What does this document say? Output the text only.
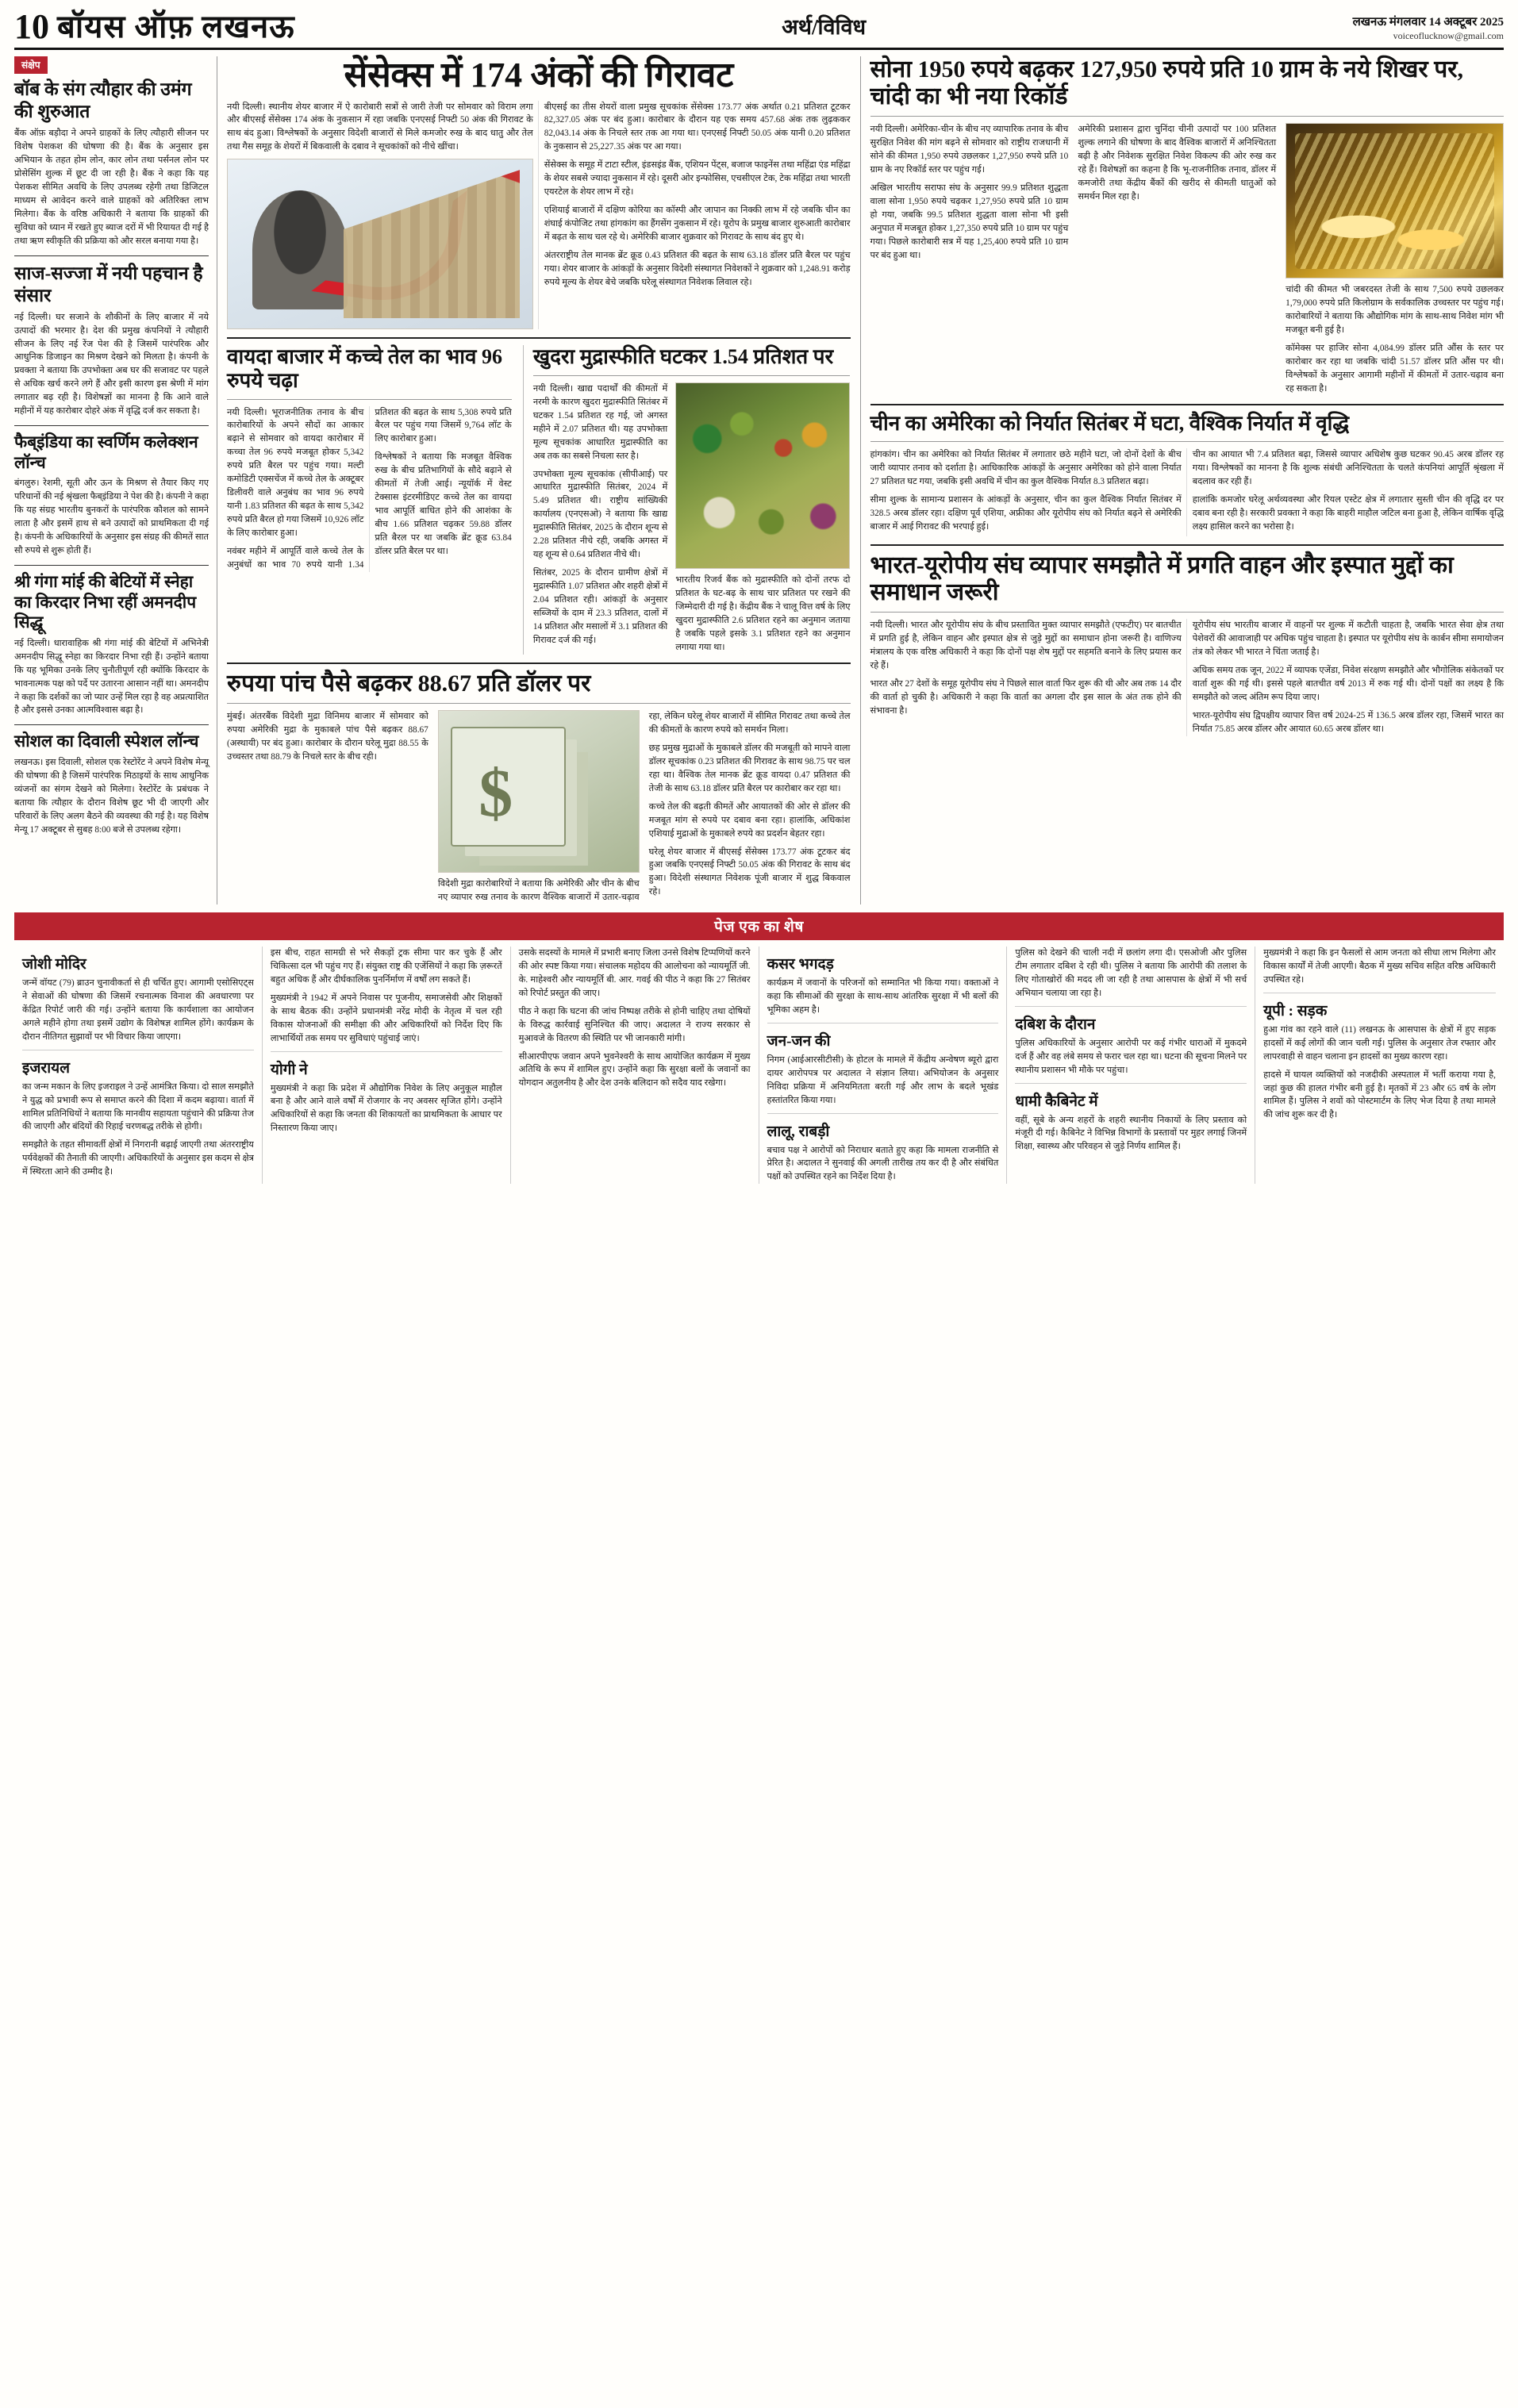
10 बॉयस ऑफ़ लखनऊ	अर्थ/विविध	लखनऊ मंगलवार 14 अक्टूबर 2025
voiceoflucknow@gmail.com
संक्षेप
बॉब के संग त्यौहार की उमंग की शुरुआत
बैंक ऑफ़ बड़ौदा ने अपने ग्राहकों के लिए त्यौहारी सीजन पर विशेष पेशकश की घोषणा की है। बैंक के अनुसार इस अभियान के तहत होम लोन, कार लोन तथा पर्सनल लोन पर प्रोसेसिंग शुल्क में छूट दी जा रही है। बैंक ने कहा कि यह पेशकश सीमित अवधि के लिए उपलब्ध रहेगी तथा डिजिटल माध्यम से आवेदन करने वाले ग्राहकों को अतिरिक्त लाभ मिलेगा। बैंक के वरिष्ठ अधिकारी ने बताया कि ग्राहकों की सुविधा को ध्यान में रखते हुए ब्याज दरों में भी रियायत दी गई है तथा ऋण स्वीकृति की प्रक्रिया को और सरल बनाया गया है।
साज-सज्जा में नयी पहचान है संसार
नई दिल्ली। घर सजाने के शौकीनों के लिए बाजार में नये उत्पादों की भरमार है। देश की प्रमुख कंपनियों ने त्यौहारी सीजन के लिए नई रेंज पेश की है जिसमें पारंपरिक और आधुनिक डिजाइन का मिश्रण देखने को मिलता है। कंपनी के प्रवक्ता ने बताया कि उपभोक्ता अब घर की सजावट पर पहले से अधिक खर्च करने लगे हैं और इसी कारण इस श्रेणी में मांग लगातार बढ़ रही है। विशेषज्ञों का मानना है कि आने वाले महीनों में यह कारोबार दोहरे अंक में वृद्धि दर्ज कर सकता है।
फैब्इंडिया का स्वर्णिम कलेक्शन लॉन्च
बंगलुरु। रेशमी, सूती और ऊन के मिश्रण से तैयार किए गए परिधानों की नई श्रृंखला फैब्इंडिया ने पेश की है। कंपनी ने कहा कि यह संग्रह भारतीय बुनकरों के पारंपरिक कौशल को सामने लाता है और इसमें हाथ से बने उत्पादों को प्राथमिकता दी गई है। कंपनी के अधिकारियों के अनुसार इस संग्रह की कीमतें सात सौ रुपये से शुरू होती हैं।
श्री गंगा मांई की बेटियों में स्नेहा का किरदार निभा रहीं अमनदीप सिद्धू
नई दिल्ली। धारावाहिक श्री गंगा मांई की बेटियों में अभिनेत्री अमनदीप सिद्धू स्नेहा का किरदार निभा रही हैं। उन्होंने बताया कि यह भूमिका उनके लिए चुनौतीपूर्ण रही क्योंकि किरदार के भावनात्मक पक्ष को पर्दे पर उतारना आसान नहीं था। अमनदीप ने कहा कि दर्शकों का जो प्यार उन्हें मिल रहा है वह अप्रत्याशित है और इससे उनका आत्मविश्वास बढ़ा है।
सोशल का दिवाली स्पेशल लॉन्च
लखनऊ। इस दिवाली, सोशल एक रेस्टोरेंट ने अपने विशेष मेन्यू की घोषणा की है जिसमें पारंपरिक मिठाइयों के साथ आधुनिक व्यंजनों का संगम देखने को मिलेगा। रेस्टोरेंट के प्रबंधक ने बताया कि त्यौहार के दौरान विशेष छूट भी दी जाएगी और परिवारों के लिए अलग बैठने की व्यवस्था की गई है। यह विशेष मेन्यू 17 अक्टूबर से सुबह 8:00 बजे से उपलब्ध रहेगा।
सेंसेक्स में 174 अंकों की गिरावट
नयी दिल्ली। स्थानीय शेयर बाजार में ऐ कारोबारी सत्रों से जारी तेजी पर सोमवार को विराम लगा और बीएसई सेंसेक्स 174 अंक के नुकसान में रहा जबकि एनएसई निफ्टी 50 अंक की गिरावट के साथ बंद हुआ। विश्लेषकों के अनुसार विदेशी बाजारों से मिले कमजोर रुख के बाद धातु और तेल तथा गैस समूह के शेयरों में बिकवाली के दबाव ने सूचकांकों को नीचे खींचा।
बीएसई का तीस शेयरों वाला प्रमुख सूचकांक सेंसेक्स 173.77 अंक अर्थात 0.21 प्रतिशत टूटकर 82,327.05 अंक पर बंद हुआ। कारोबार के दौरान यह एक समय 457.68 अंक तक लुढ़ककर 82,043.14 अंक के निचले स्तर तक आ गया था। एनएसई निफ्टी 50.05 अंक यानी 0.20 प्रतिशत के नुकसान से 25,227.35 अंक पर आ गया।
सेंसेक्स के समूह में टाटा स्टील, इंडसइंड बैंक, एशियन पेंट्स, बजाज फाइनेंस तथा महिंद्रा एंड महिंद्रा के शेयर सबसे ज्यादा नुकसान में रहे। दूसरी ओर इन्फोसिस, एचसीएल टेक, टेक महिंद्रा तथा भारती एयरटेल के शेयर लाभ में रहे।
एशियाई बाजारों में दक्षिण कोरिया का कॉस्पी और जापान का निक्की लाभ में रहे जबकि चीन का शंघाई कंपोजिट तथा हांगकांग का हैंगसेंग नुकसान में रहे। यूरोप के प्रमुख बाजार शुरुआती कारोबार में बढ़त के साथ चल रहे थे। अमेरिकी बाजार शुक्रवार को गिरावट के साथ बंद हुए थे।
अंतरराष्ट्रीय तेल मानक ब्रेंट क्रूड 0.43 प्रतिशत की बढ़त के साथ 63.18 डॉलर प्रति बैरल पर पहुंच गया। शेयर बाजार के आंकड़ों के अनुसार विदेशी संस्थागत निवेशकों ने शुक्रवार को 1,248.91 करोड़ रुपये मूल्य के शेयर बेचे जबकि घरेलू संस्थागत निवेशक लिवाल रहे।
वायदा बाजार में कच्चे तेल का भाव 96 रुपये चढ़ा
नयी दिल्ली। भूराजनीतिक तनाव के बीच कारोबारियों के अपने सौदों का आकार बढ़ाने से सोमवार को वायदा कारोबार में कच्चा तेल 96 रुपये मजबूत होकर 5,342 रुपये प्रति बैरल पर पहुंच गया। मल्टी कमोडिटी एक्सचेंज में कच्चे तेल के अक्टूबर डिलीवरी वाले अनुबंध का भाव 96 रुपये यानी 1.83 प्रतिशत की बढ़त के साथ 5,342 रुपये प्रति बैरल हो गया जिसमें 10,926 लॉट के लिए कारोबार हुआ।
नवंबर महीने में आपूर्ति वाले कच्चे तेल के अनुबंधों का भाव 70 रुपये यानी 1.34 प्रतिशत की बढ़त के साथ 5,308 रुपये प्रति बैरल पर पहुंच गया जिसमें 9,764 लॉट के लिए कारोबार हुआ।
विश्लेषकों ने बताया कि मजबूत वैश्विक रुख के बीच प्रतिभागियों के सौदे बढ़ाने से कीमतों में तेजी आई। न्यूयॉर्क में वेस्ट टेक्सास इंटरमीडिएट कच्चे तेल का वायदा भाव आपूर्ति बाधित होने की आशंका के बीच 1.66 प्रतिशत चढ़कर 59.88 डॉलर प्रति बैरल पर था जबकि ब्रेंट क्रूड 63.84 डॉलर प्रति बैरल पर था।
खुदरा मुद्रास्फीति घटकर 1.54 प्रतिशत पर
नयी दिल्ली। खाद्य पदार्थों की कीमतों में नरमी के कारण खुदरा मुद्रास्फीति सितंबर में घटकर 1.54 प्रतिशत रह गई, जो अगस्त महीने में 2.07 प्रतिशत थी। यह उपभोक्ता मूल्य सूचकांक आधारित मुद्रास्फीति का अब तक का सबसे निचला स्तर है।
उपभोक्ता मूल्य सूचकांक (सीपीआई) पर आधारित मुद्रास्फीति सितंबर, 2024 में 5.49 प्रतिशत थी। राष्ट्रीय सांख्यिकी कार्यालय (एनएसओ) ने बताया कि खाद्य मुद्रास्फीति सितंबर, 2025 के दौरान शून्य से 2.28 प्रतिशत नीचे रही, जबकि अगस्त में यह शून्य से 0.64 प्रतिशत नीचे थी।
सितंबर, 2025 के दौरान ग्रामीण क्षेत्रों में मुद्रास्फीति 1.07 प्रतिशत और शहरी क्षेत्रों में 2.04 प्रतिशत रही। आंकड़ों के अनुसार सब्जियों के दाम में 23.3 प्रतिशत, दालों में 14 प्रतिशत और मसालों में 3.1 प्रतिशत की गिरावट दर्ज की गई।
भारतीय रिजर्व बैंक को मुद्रास्फीति को दोनों तरफ दो प्रतिशत के घट-बढ़ के साथ चार प्रतिशत पर रखने की जिम्मेदारी दी गई है। केंद्रीय बैंक ने चालू वित्त वर्ष के लिए खुदरा मुद्रास्फीति 2.6 प्रतिशत रहने का अनुमान जताया है जबकि पहले इसके 3.1 प्रतिशत रहने का अनुमान लगाया गया था।
रुपया पांच पैसे बढ़कर 88.67 प्रति डॉलर पर
मुंबई। अंतरबैंक विदेशी मुद्रा विनिमय बाजार में सोमवार को रुपया अमेरिकी मुद्रा के मुकाबले पांच पैसे बढ़कर 88.67 (अस्थायी) पर बंद हुआ। कारोबार के दौरान घरेलू मुद्रा 88.55 के उच्चस्तर तथा 88.79 के निचले स्तर के बीच रही।
$
विदेशी मुद्रा कारोबारियों ने बताया कि अमेरिकी और चीन के बीच नए व्यापार रुख तनाव के कारण वैश्विक बाजारों में उतार-चढ़ाव रहा, लेकिन घरेलू शेयर बाजारों में सीमित गिरावट तथा कच्चे तेल की कीमतों के कारण रुपये को समर्थन मिला।
छह प्रमुख मुद्राओं के मुकाबले डॉलर की मजबूती को मापने वाला डॉलर सूचकांक 0.23 प्रतिशत की गिरावट के साथ 98.75 पर चल रहा था। वैश्विक तेल मानक ब्रेंट क्रूड वायदा 0.47 प्रतिशत की तेजी के साथ 63.18 डॉलर प्रति बैरल पर कारोबार कर रहा था।
कच्चे तेल की बढ़ती कीमतें और आयातकों की ओर से डॉलर की मजबूत मांग से रुपये पर दबाव बना रहा। हालांकि, अधिकांश एशियाई मुद्राओं के मुकाबले रुपये का प्रदर्शन बेहतर रहा।
घरेलू शेयर बाजार में बीएसई सेंसेक्स 173.77 अंक टूटकर बंद हुआ जबकि एनएसई निफ्टी 50.05 अंक की गिरावट के साथ बंद हुआ। विदेशी संस्थागत निवेशक पूंजी बाजार में शुद्ध बिकवाल रहे।
सोना 1950 रुपये बढ़कर 127,950 रुपये प्रति 10 ग्राम के नये शिखर पर, चांदी का भी नया रिकॉर्ड
नयी दिल्ली। अमेरिका-चीन के बीच नए व्यापारिक तनाव के बीच सुरक्षित निवेश की मांग बढ़ने से सोमवार को राष्ट्रीय राजधानी में सोने की कीमत 1,950 रुपये उछलकर 1,27,950 रुपये प्रति 10 ग्राम के नए रिकॉर्ड स्तर पर पहुंच गई।
अखिल भारतीय सराफा संघ के अनुसार 99.9 प्रतिशत शुद्धता वाला सोना 1,950 रुपये चढ़कर 1,27,950 रुपये प्रति 10 ग्राम हो गया, जबकि 99.5 प्रतिशत शुद्धता वाला सोना भी इसी अनुपात में मजबूत होकर 1,27,350 रुपये प्रति 10 ग्राम पर पहुंच गया। पिछले कारोबारी सत्र में यह 1,25,400 रुपये प्रति 10 ग्राम पर बंद हुआ था।
अमेरिकी प्रशासन द्वारा चुनिंदा चीनी उत्पादों पर 100 प्रतिशत शुल्क लगाने की घोषणा के बाद वैश्विक बाजारों में अनिश्चितता बढ़ी है और निवेशक सुरक्षित निवेश विकल्प की ओर रुख कर रहे हैं। विशेषज्ञों का कहना है कि भू-राजनीतिक तनाव, डॉलर में कमजोरी तथा केंद्रीय बैंकों की खरीद से कीमती धातुओं को समर्थन मिल रहा है।
चांदी की कीमत भी जबरदस्त तेजी के साथ 7,500 रुपये उछलकर 1,79,000 रुपये प्रति किलोग्राम के सर्वकालिक उच्चस्तर पर पहुंच गई। कारोबारियों ने बताया कि औद्योगिक मांग के साथ-साथ निवेश मांग भी मजबूत बनी हुई है।
कॉमेक्स पर हाजिर सोना 4,084.99 डॉलर प्रति औंस के स्तर पर कारोबार कर रहा था जबकि चांदी 51.57 डॉलर प्रति औंस पर थी। विश्लेषकों के अनुसार आगामी महीनों में कीमतों में उतार-चढ़ाव बना रह सकता है।
चीन का अमेरिका को निर्यात सितंबर में घटा, वैश्विक निर्यात में वृद्धि
हांगकांग। चीन का अमेरिका को निर्यात सितंबर में लगातार छठे महीने घटा, जो दोनों देशों के बीच जारी व्यापार तनाव को दर्शाता है। आधिकारिक आंकड़ों के अनुसार अमेरिका को होने वाला निर्यात 27 प्रतिशत घट गया, जबकि इसी अवधि में चीन का कुल वैश्विक निर्यात 8.3 प्रतिशत बढ़ा।
सीमा शुल्क के सामान्य प्रशासन के आंकड़ों के अनुसार, चीन का कुल वैश्विक निर्यात सितंबर में 328.5 अरब डॉलर रहा। दक्षिण पूर्व एशिया, अफ्रीका और यूरोपीय संघ को निर्यात बढ़ने से अमेरिकी बाजार में आई गिरावट की भरपाई हुई।
चीन का आयात भी 7.4 प्रतिशत बढ़ा, जिससे व्यापार अधिशेष कुछ घटकर 90.45 अरब डॉलर रह गया। विश्लेषकों का मानना है कि शुल्क संबंधी अनिश्चितता के चलते कंपनियां आपूर्ति श्रृंखला में बदलाव कर रही हैं।
हालांकि कमजोर घरेलू अर्थव्यवस्था और रियल एस्टेट क्षेत्र में लगातार सुस्ती चीन की वृद्धि दर पर दबाव बना रही है। सरकारी प्रवक्ता ने कहा कि बाहरी माहौल जटिल बना हुआ है, लेकिन वार्षिक वृद्धि लक्ष्य हासिल करने का भरोसा है।
भारत-यूरोपीय संघ व्यापार समझौते में प्रगति वाहन और इस्पात मुद्दों का समाधान जरूरी
नयी दिल्ली। भारत और यूरोपीय संघ के बीच प्रस्तावित मुक्त व्यापार समझौते (एफटीए) पर बातचीत में प्रगति हुई है, लेकिन वाहन और इस्पात क्षेत्र से जुड़े मुद्दों का समाधान होना जरूरी है। वाणिज्य मंत्रालय के एक वरिष्ठ अधिकारी ने कहा कि दोनों पक्ष शेष मुद्दों पर सहमति बनाने के लिए प्रयास कर रहे हैं।
भारत और 27 देशों के समूह यूरोपीय संघ ने पिछले साल वार्ता फिर शुरू की थी और अब तक 14 दौर की वार्ता हो चुकी है। अधिकारी ने कहा कि वार्ता का अगला दौर इस साल के अंत तक होने की संभावना है।
यूरोपीय संघ भारतीय बाजार में वाहनों पर शुल्क में कटौती चाहता है, जबकि भारत सेवा क्षेत्र तथा पेशेवरों की आवाजाही पर अधिक पहुंच चाहता है। इस्पात पर यूरोपीय संघ के कार्बन सीमा समायोजन तंत्र को लेकर भी भारत ने चिंता जताई है।
अधिक समय तक जून, 2022 में व्यापक एजेंडा, निवेश संरक्षण समझौते और भौगोलिक संकेतकों पर वार्ता शुरू की गई थी। इससे पहले बातचीत वर्ष 2013 में रुक गई थी। दोनों पक्षों का लक्ष्य है कि समझौते को जल्द अंतिम रूप दिया जाए।
भारत-यूरोपीय संघ द्विपक्षीय व्यापार वित्त वर्ष 2024-25 में 136.5 अरब डॉलर रहा, जिसमें भारत का निर्यात 75.85 अरब डॉलर और आयात 60.65 अरब डॉलर था।
पेज एक का शेष
जोशी मोदिर
जन्में वॉयट (79) ब्राउन चुनावीकर्ता से ही चर्चित हुए। आगामी एसोसिएट्स ने सेवाओं की घोषणा की जिसमें रचनात्मक विनाश की अवधारणा पर केंद्रित रिपोर्ट जारी की गई। उन्होंने बताया कि कार्यशाला का आयोजन अगले महीने होगा तथा इसमें उद्योग के विशेषज्ञ शामिल होंगे। कार्यक्रम के दौरान नीतिगत सुझावों पर भी विचार किया जाएगा।
इजरायल
का जन्म मकान के लिए इजराइल ने उन्हें आमंत्रित किया। दो साल समझौते ने युद्ध को प्रभावी रूप से समाप्त करने की दिशा में कदम बढ़ाया। वार्ता में शामिल प्रतिनिधियों ने बताया कि मानवीय सहायता पहुंचाने की प्रक्रिया तेज की जाएगी और बंदियों की रिहाई चरणबद्ध तरीके से होगी।
समझौते के तहत सीमावर्ती क्षेत्रों में निगरानी बढ़ाई जाएगी तथा अंतरराष्ट्रीय पर्यवेक्षकों की तैनाती की जाएगी। अधिकारियों के अनुसार इस कदम से क्षेत्र में स्थिरता आने की उम्मीद है।
इस बीच, राहत सामग्री से भरे सैकड़ों ट्रक सीमा पार कर चुके हैं और चिकित्सा दल भी पहुंच गए हैं। संयुक्त राष्ट्र की एजेंसियों ने कहा कि ज़रूरतें बहुत अधिक हैं और दीर्घकालिक पुनर्निर्माण में वर्षों लग सकते हैं।
मुख्यमंत्री ने 1942 में अपने निवास पर पूजनीय, समाजसेवी और शिक्षकों के साथ बैठक की। उन्होंने प्रधानमंत्री नरेंद्र मोदी के नेतृत्व में चल रही विकास योजनाओं की समीक्षा की और अधिकारियों को निर्देश दिए कि लाभार्थियों तक समय पर सुविधाएं पहुंचाई जाएं।
योगी ने
मुख्यमंत्री ने कहा कि प्रदेश में औद्योगिक निवेश के लिए अनुकूल माहौल बना है और आने वाले वर्षों में रोजगार के नए अवसर सृजित होंगे। उन्होंने अधिकारियों से कहा कि जनता की शिकायतों का प्राथमिकता के आधार पर निस्तारण किया जाए।
उसके सदस्यों के मामले में प्रभारी बनाए जिला उनसे विशेष टिप्पणियों करने की ओर स्पष्ट किया गया। संचालक महोदय की आलोचना को न्यायमूर्ति जी. के. माहेश्वरी और न्यायमूर्ति बी. आर. गवई की पीठ ने कहा कि 27 सितंबर को रिपोर्ट प्रस्तुत की जाए।
पीठ ने कहा कि घटना की जांच निष्पक्ष तरीके से होनी चाहिए तथा दोषियों के विरुद्ध कार्रवाई सुनिश्चित की जाए। अदालत ने राज्य सरकार से मुआवजे के वितरण की स्थिति पर भी जानकारी मांगी।
सीआरपीएफ जवान अपने भुवनेश्वरी के साथ आयोजित कार्यक्रम में मुख्य अतिथि के रूप में शामिल हुए। उन्होंने कहा कि सुरक्षा बलों के जवानों का योगदान अतुलनीय है और देश उनके बलिदान को सदैव याद रखेगा।
कसर भगदड़
कार्यक्रम में जवानों के परिजनों को सम्मानित भी किया गया। वक्ताओं ने कहा कि सीमाओं की सुरक्षा के साथ-साथ आंतरिक सुरक्षा में भी बलों की भूमिका अहम है।
जन-जन की
निगम (आईआरसीटीसी) के होटल के मामले में केंद्रीय अन्वेषण ब्यूरो द्वारा दायर आरोपपत्र पर अदालत ने संज्ञान लिया। अभियोजन के अनुसार निविदा प्रक्रिया में अनियमितता बरती गई और लाभ के बदले भूखंड हस्तांतरित किया गया।
लालू, राबड़ी
बचाव पक्ष ने आरोपों को निराधार बताते हुए कहा कि मामला राजनीति से प्रेरित है। अदालत ने सुनवाई की अगली तारीख तय कर दी है और संबंधित पक्षों को उपस्थित रहने का निर्देश दिया है।
पुलिस को देखने की चाली नदी में छलांग लगा दी। एसओजी और पुलिस टीम लगातार दबिश दे रही थी। पुलिस ने बताया कि आरोपी की तलाश के लिए गोताखोरों की मदद ली जा रही है तथा आसपास के क्षेत्रों में भी सर्च अभियान चलाया जा रहा है।
दबिश के दौरान
पुलिस अधिकारियों के अनुसार आरोपी पर कई गंभीर धाराओं में मुकदमे दर्ज हैं और वह लंबे समय से फरार चल रहा था। घटना की सूचना मिलने पर स्थानीय प्रशासन भी मौके पर पहुंचा।
धामी कैबिनेट में
वहीं, सूबे के अन्य शहरों के शहरी स्थानीय निकायों के लिए प्रस्ताव को मंजूरी दी गई। कैबिनेट ने विभिन्न विभागों के प्रस्तावों पर मुहर लगाई जिनमें शिक्षा, स्वास्थ्य और परिवहन से जुड़े निर्णय शामिल हैं।
मुख्यमंत्री ने कहा कि इन फैसलों से आम जनता को सीधा लाभ मिलेगा और विकास कार्यों में तेजी आएगी। बैठक में मुख्य सचिव सहित वरिष्ठ अधिकारी उपस्थित रहे।
यूपी : सड़क
हुआ गांव का रहने वाले (11) लखनऊ के आसपास के क्षेत्रों में हुए सड़क हादसों में कई लोगों की जान चली गई। पुलिस के अनुसार तेज रफ्तार और लापरवाही से वाहन चलाना इन हादसों का मुख्य कारण रहा।
हादसे में घायल व्यक्तियों को नजदीकी अस्पताल में भर्ती कराया गया है, जहां कुछ की हालत गंभीर बनी हुई है। मृतकों में 23 और 65 वर्ष के लोग शामिल हैं। पुलिस ने शवों को पोस्टमार्टम के लिए भेज दिया है तथा मामले की जांच शुरू कर दी है।
